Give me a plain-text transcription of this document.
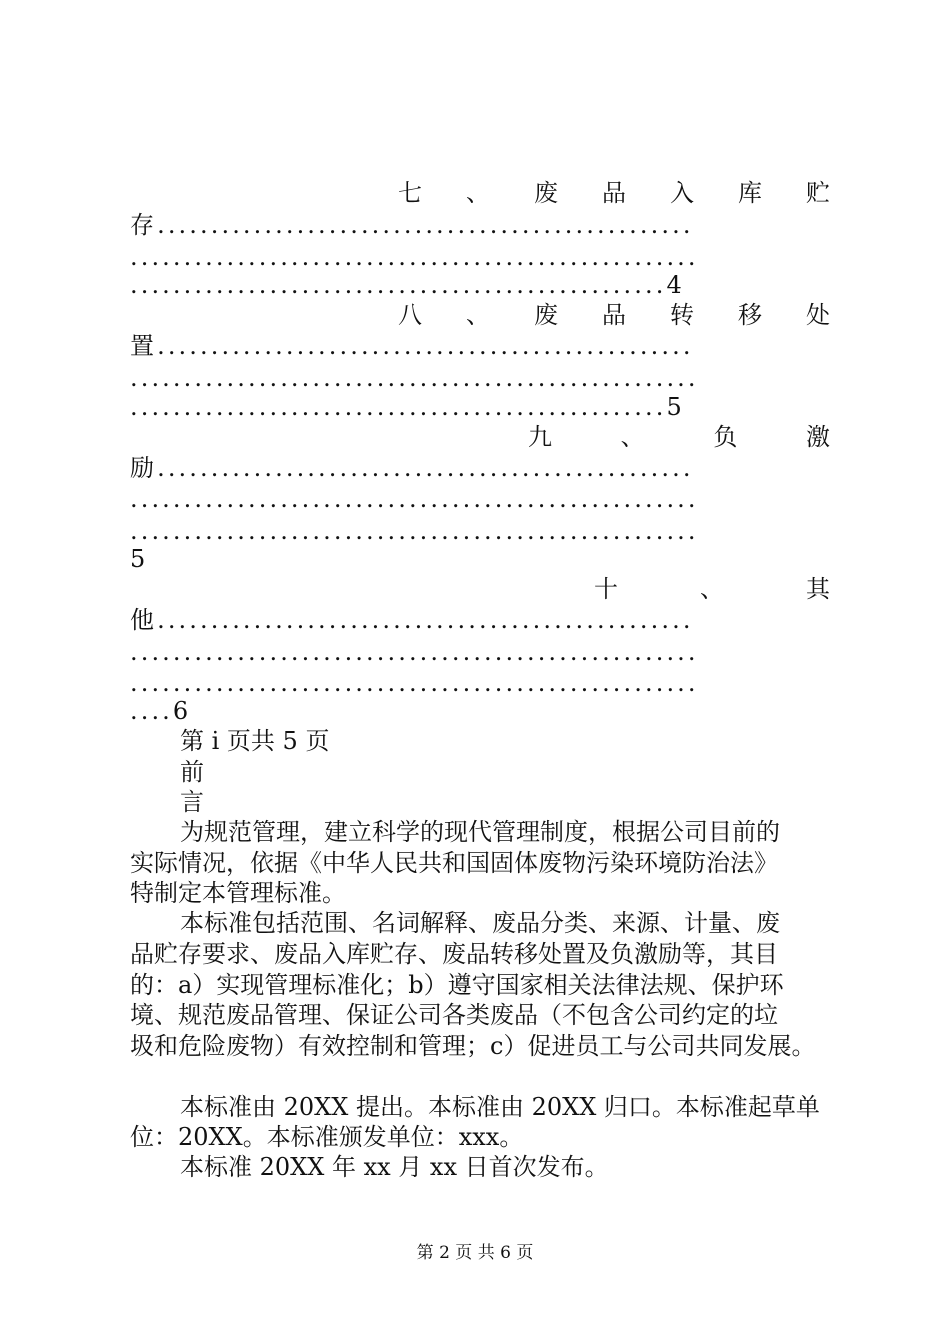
七 、 废 品 入 库 贮
存..................................................
.....................................................
..................................................4
八 、 废 品 转 移 处
置..................................................
.....................................................
..................................................5
九	、	负	激
励..................................................
.....................................................
.....................................................
5
十	、	其
他..................................................
.....................................................
.....................................................
....6
第 i 页共 5 页
前
言
为规范管理，建立科学的现代管理制度，根据公司目前的
实际情况，依据《中华人民共和国固体废物污染环境防治法》
特制定本管理标准。
本标准包括范围、名词解释、废品分类、来源、计量、废
品贮存要求、废品入库贮存、废品转移处置及负激励等，其目
的：a）实现管理标准化；b）遵守国家相关法律法规、保护环
境、规范废品管理、保证公司各类废品（不包含公司约定的垃
圾和危险废物）有效控制和管理；c）促进员工与公司共同发展。
本标准由 20XX 提出。本标准由 20XX 归口。本标准起草单
位：20XX。本标准颁发单位：xxx。
本标准 20XX 年 xx 月 xx 日首次发布。
第 2 页 共 6 页
